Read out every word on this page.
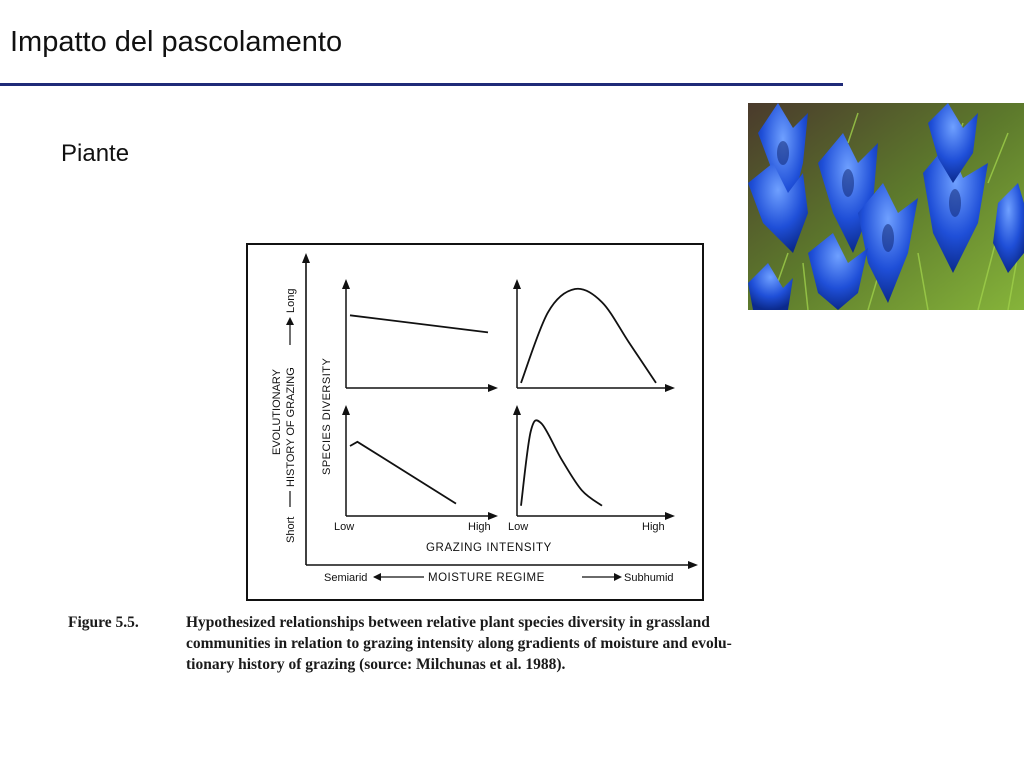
Impatto del pascolamento
Piante
Short
HISTORY OF GRAZING
Long
EVOLUTIONARY	SPECIES DIVERSITY
Low	High Low	High
GRAZING INTENSITY
Semiarid	MOISTURE REGIME	Subhumid
Figure 5.5.	Hypothesized relationships between relative plant species diversity in grassland
communities in relation to grazing intensity along gradients of moisture and evolu-
tionary history of grazing (source: Milchunas et al. 1988).
